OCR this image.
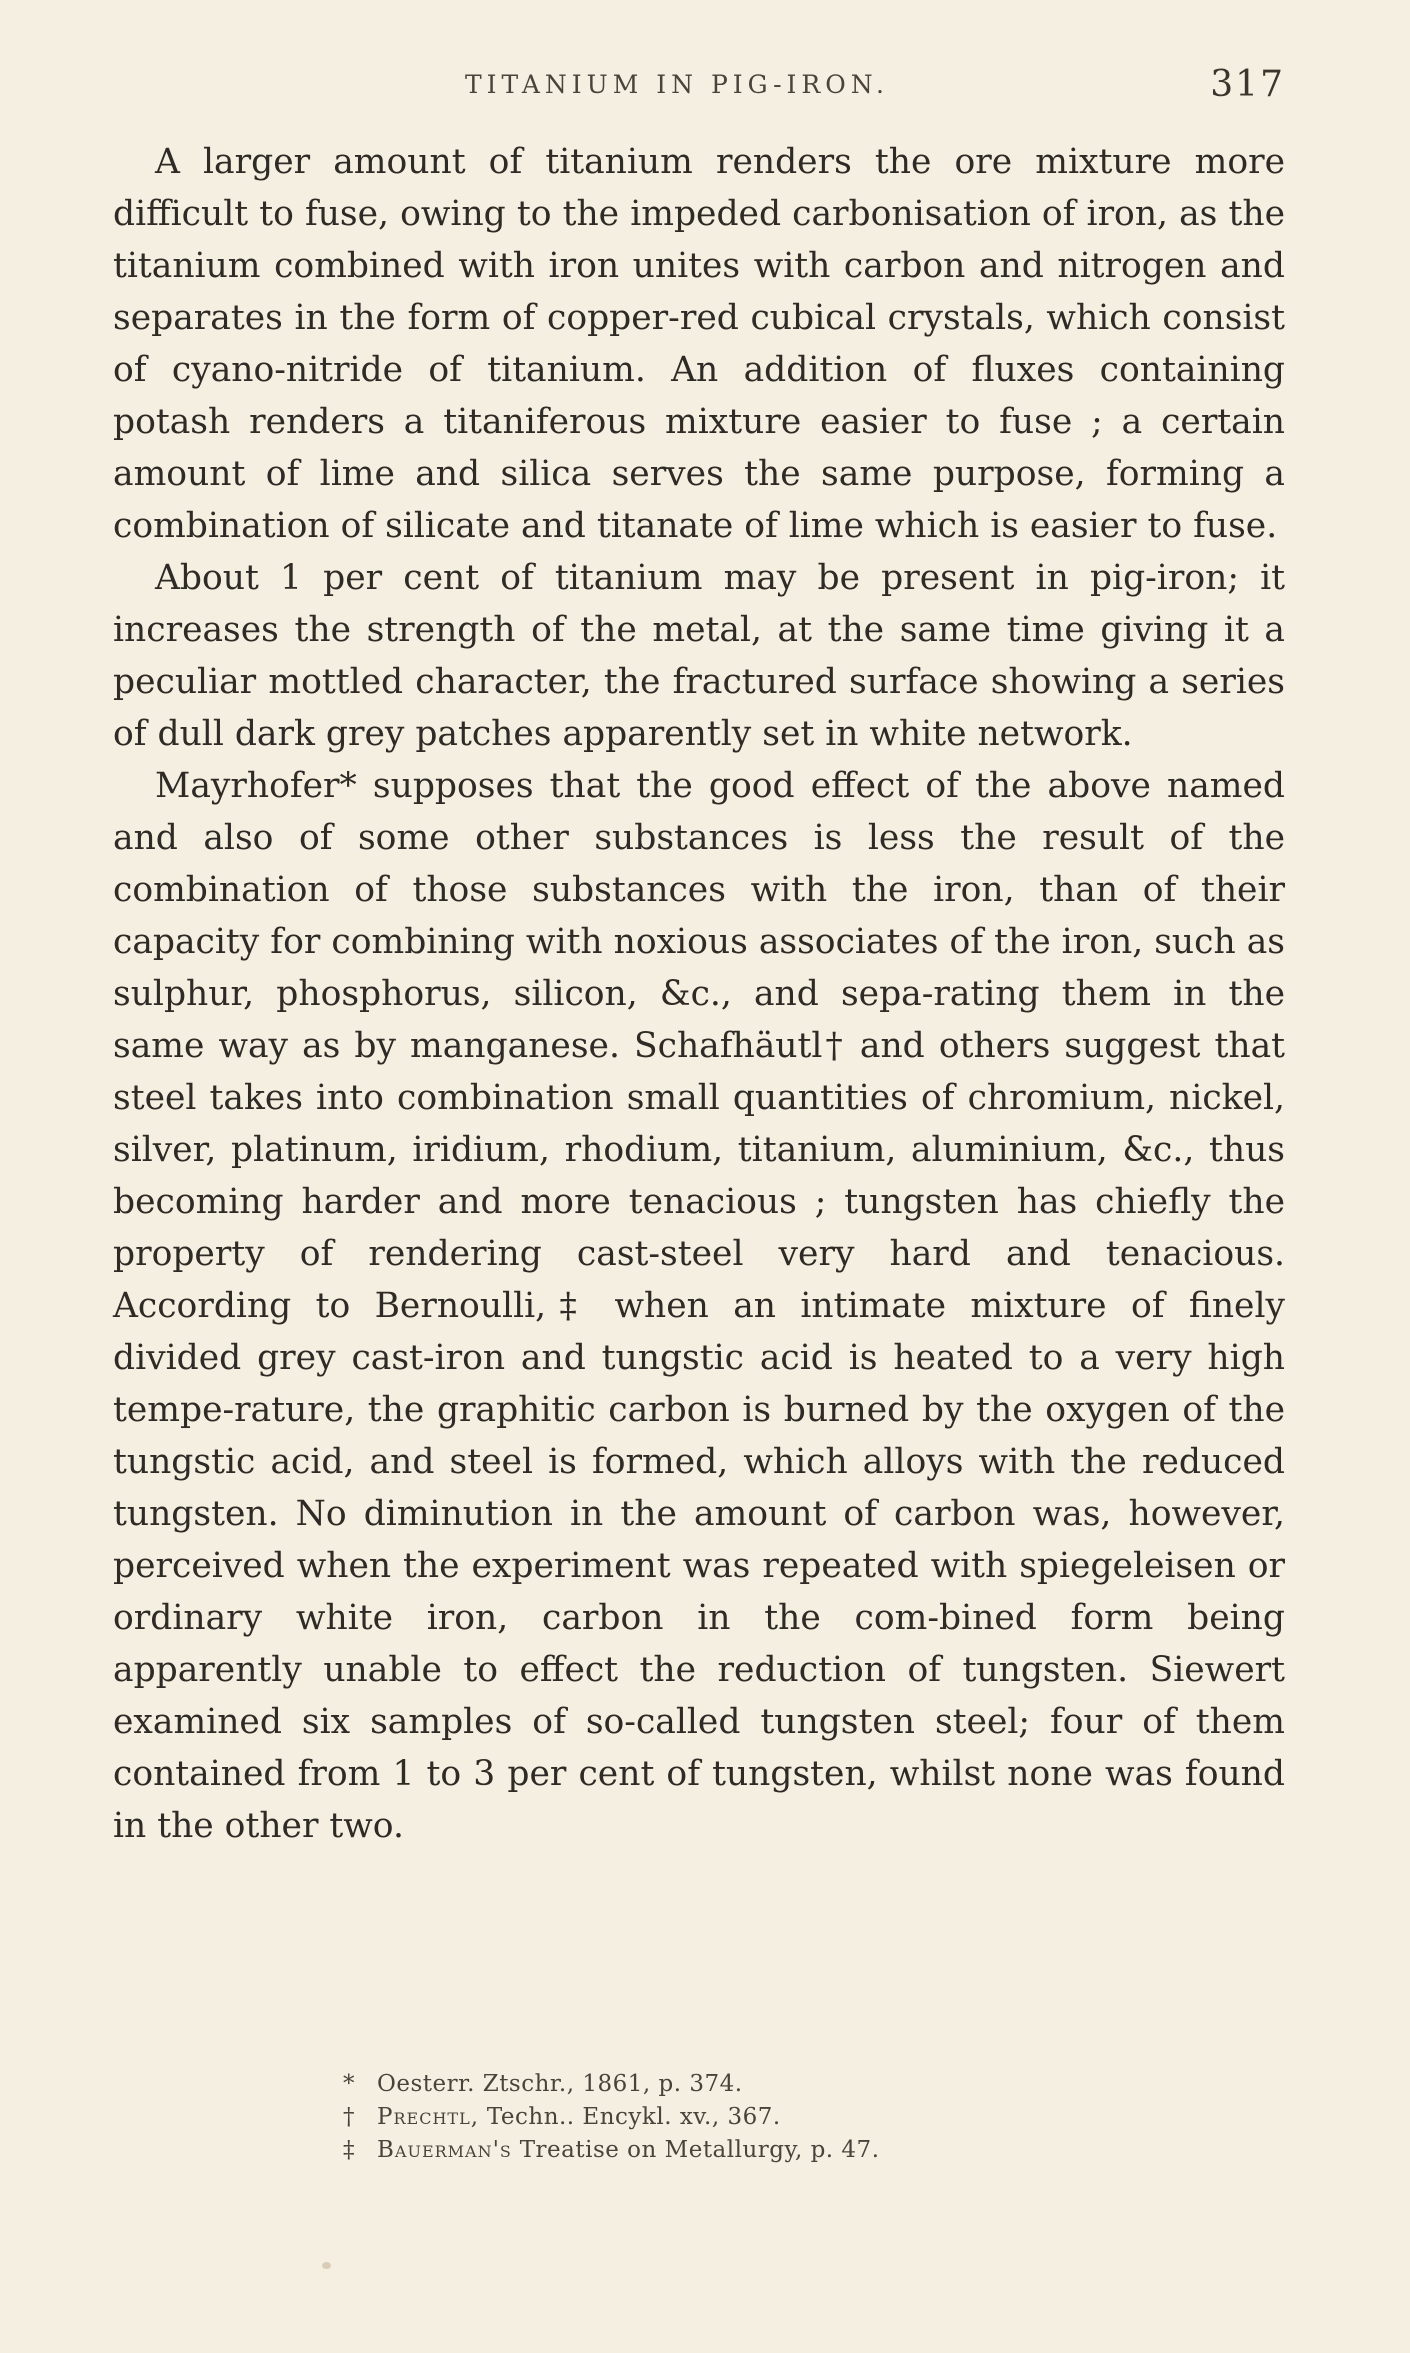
TITANIUM IN PIG-IRON.	317

A larger amount of titanium renders the ore mixture more difficult to fuse, owing to the impeded carbonisation of iron, as the titanium combined with iron unites with carbon and nitrogen and separates in the form of copper-red cubical crystals, which consist of cyano-nitride of titanium. An addition of fluxes containing potash renders a titaniferous mixture easier to fuse ; a certain amount of lime and silica serves the same purpose, forming a combination of silicate and titanate of lime which is easier to fuse.

About 1 per cent of titanium may be present in pig-iron; it increases the strength of the metal, at the same time giving it a peculiar mottled character, the fractured surface showing a series of dull dark grey patches apparently set in white network.

Mayrhofer* supposes that the good effect of the above named and also of some other substances is less the result of the combination of those substances with the iron, than of their capacity for combining with noxious associates of the iron, such as sulphur, phosphorus, silicon, &c., and sepa-rating them in the same way as by manganese. Schafhäutl† and others suggest that steel takes into combination small quantities of chromium, nickel, silver, platinum, iridium, rhodium, titanium, aluminium, &c., thus becoming harder and more tenacious ; tungsten has chiefly the property of rendering cast-steel very hard and tenacious. According to Bernoulli,‡ when an intimate mixture of finely divided grey cast-iron and tungstic acid is heated to a very high tempe-rature, the graphitic carbon is burned by the oxygen of the tungstic acid, and steel is formed, which alloys with the reduced tungsten. No diminution in the amount of carbon was, however, perceived when the experiment was repeated with spiegeleisen or ordinary white iron, carbon in the com-bined form being apparently unable to effect the reduction of tungsten. Siewert examined six samples of so-called tungsten steel; four of them contained from 1 to 3 per cent of tungsten, whilst none was found in the other two.

* Oesterr. Ztschr., 1861, p. 374.
† Prechtl, Techn.. Encykl. xv., 367.
‡ Bauerman's Treatise on Metallurgy, p. 47.
